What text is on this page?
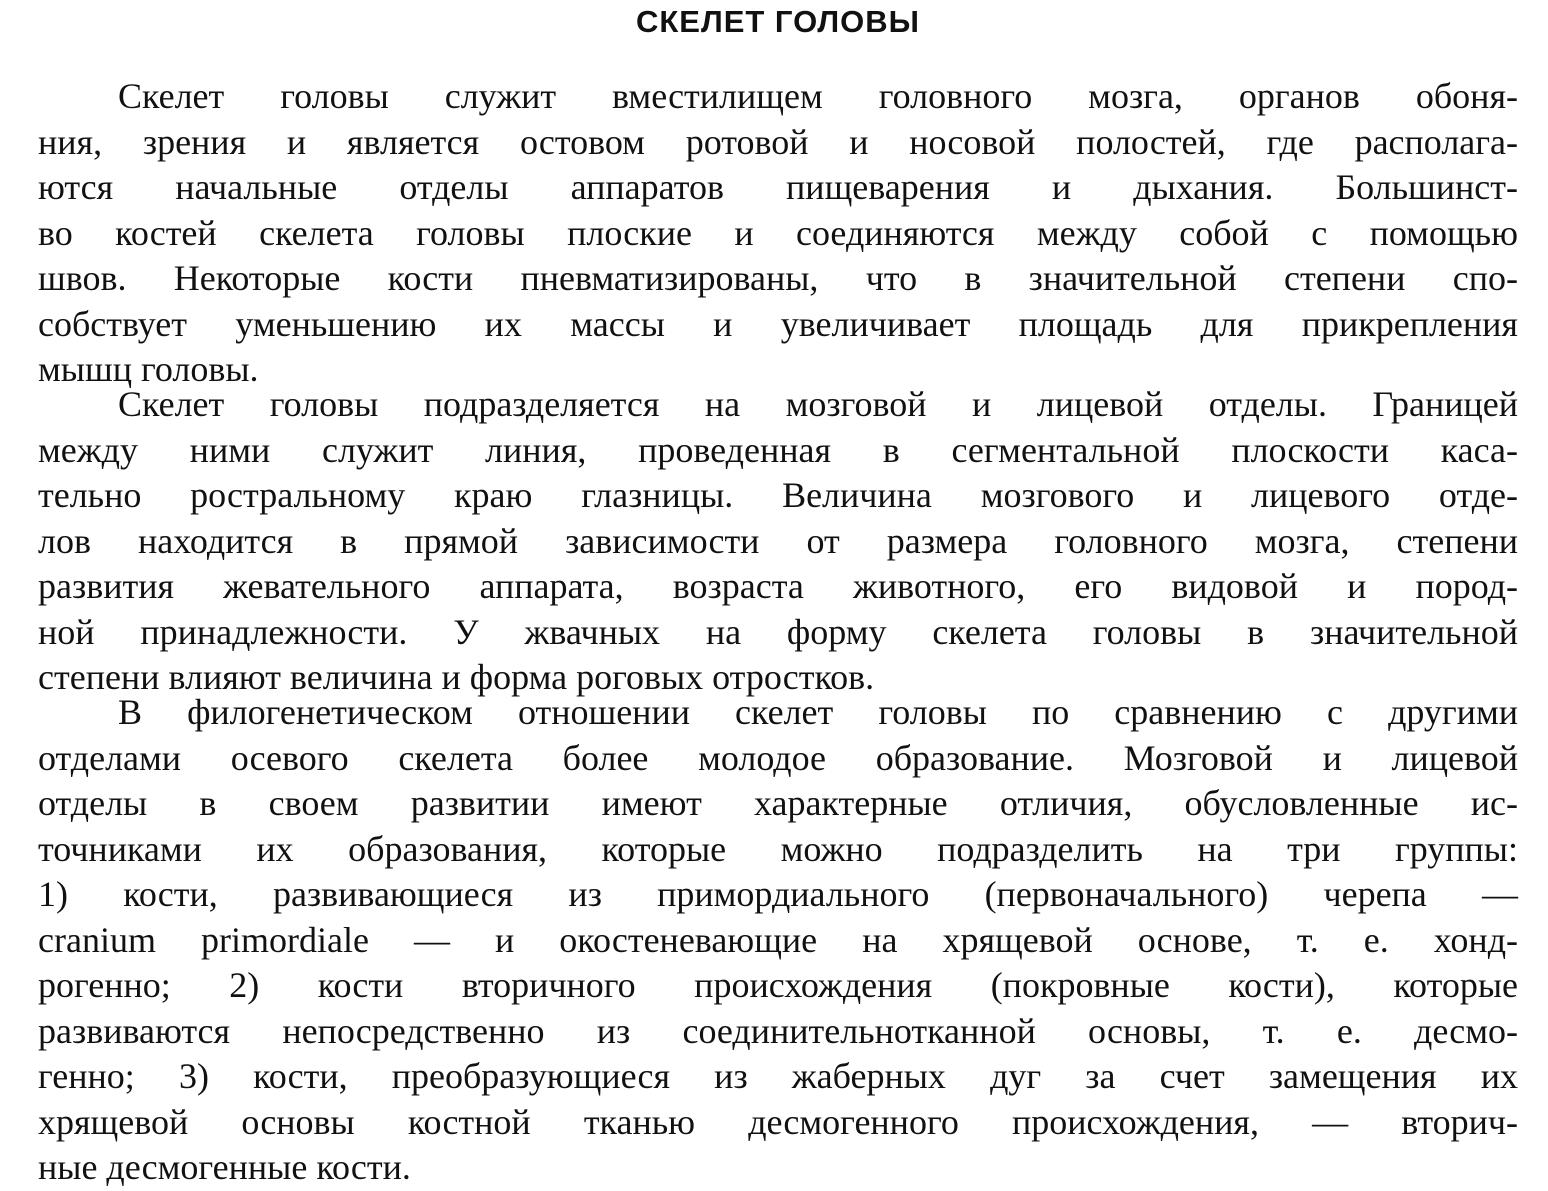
СКЕЛЕТ ГОЛОВЫ
Скелет головы служит вместилищем головного мозга, органов обоня-
ния, зрения и является остовом ротовой и носовой полостей, где располага-
ются начальные отделы аппаратов пищеварения и дыхания. Большинст-
во костей скелета головы плоские и соединяются между собой с помощью
швов. Некоторые кости пневматизированы, что в значительной степени спо-
собствует уменьшению их массы и увеличивает площадь для прикрепления
мышц головы.
Скелет головы подразделяется на мозговой и лицевой отделы. Границей
между ними служит линия, проведенная в сегментальной плоскости каса-
тельно ростральному краю глазницы. Величина мозгового и лицевого отде-
лов находится в прямой зависимости от размера головного мозга, степени
развития жевательного аппарата, возраста животного, его видовой и пород-
ной принадлежности. У жвачных на форму скелета головы в значительной
степени влияют величина и форма роговых отростков.
В филогенетическом отношении скелет головы по сравнению с другими
отделами осевого скелета более молодое образование. Мозговой и лицевой
отделы в своем развитии имеют характерные отличия, обусловленные ис-
точниками их образования, которые можно подразделить на три группы:
1) кости, развивающиеся из примордиального (первоначального) черепа —
cranium primordiale — и окостеневающие на хрящевой основе, т. е. хонд-
рогенно; 2) кости вторичного происхождения (покровные кости), которые
развиваются непосредственно из соединительнотканной основы, т. е. десмо-
генно; 3) кости, преобразующиеся из жаберных дуг за счет замещения их
хрящевой основы костной тканью десмогенного происхождения, — вторич-
ные десмогенные кости.
